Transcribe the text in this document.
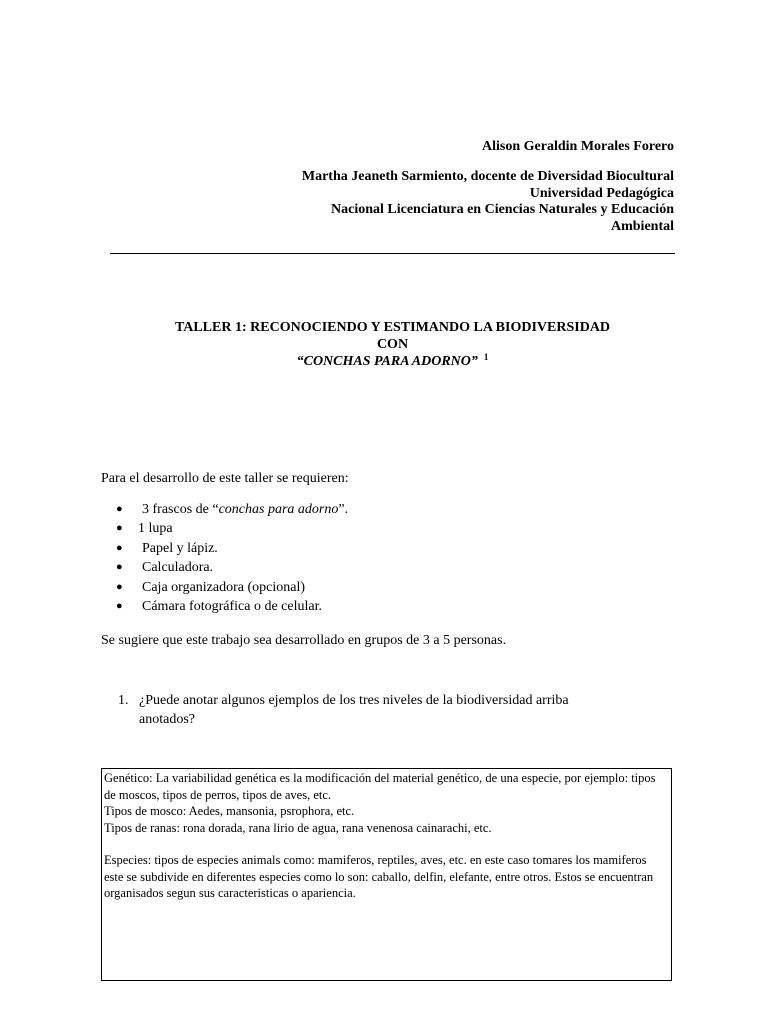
Alison Geraldin Morales Forero
Martha Jeaneth Sarmiento, docente de Diversidad Biocultural
Universidad Pedagógica
Nacional Licenciatura en Ciencias Naturales y Educación
Ambiental
TALLER 1: RECONOCIENDO Y ESTIMANDO LA BIODIVERSIDAD
CON
“CONCHAS PARA ADORNO” $^1$
Para el desarrollo de este taller se requieren:
● 3 frascos de “conchas para adorno”.
● 1 lupa
● Papel y lápiz.
● Calculadora.
● Caja organizadora (opcional)
● Cámara fotográfica o de celular.
Se sugiere que este trabajo sea desarrollado en grupos de 3 a 5 personas.
1. ¿Puede anotar algunos ejemplos de los tres niveles de la biodiversidad arriba anotados?

Genético: La variabilidad genética es la modificación del material genético, de una especie, por ejemplo: tipos de moscos, tipos de perros, tipos de aves, etc.

Tipos de mosco: Aedes, mansonia, psrophora, etc.

Tipos de ranas: rona dorada, rana lirio de agua, rana venenosa cainarachi, etc.

Especies: tipos de especies animals como: mamiferos, reptiles, aves, etc. en este caso tomares los mamiferos este se subdivide en diferentes especies como lo son: caballo, delfin, elefante, entre otros. Estos se encuentran organisados segun sus caracteristicas o apariencia.
